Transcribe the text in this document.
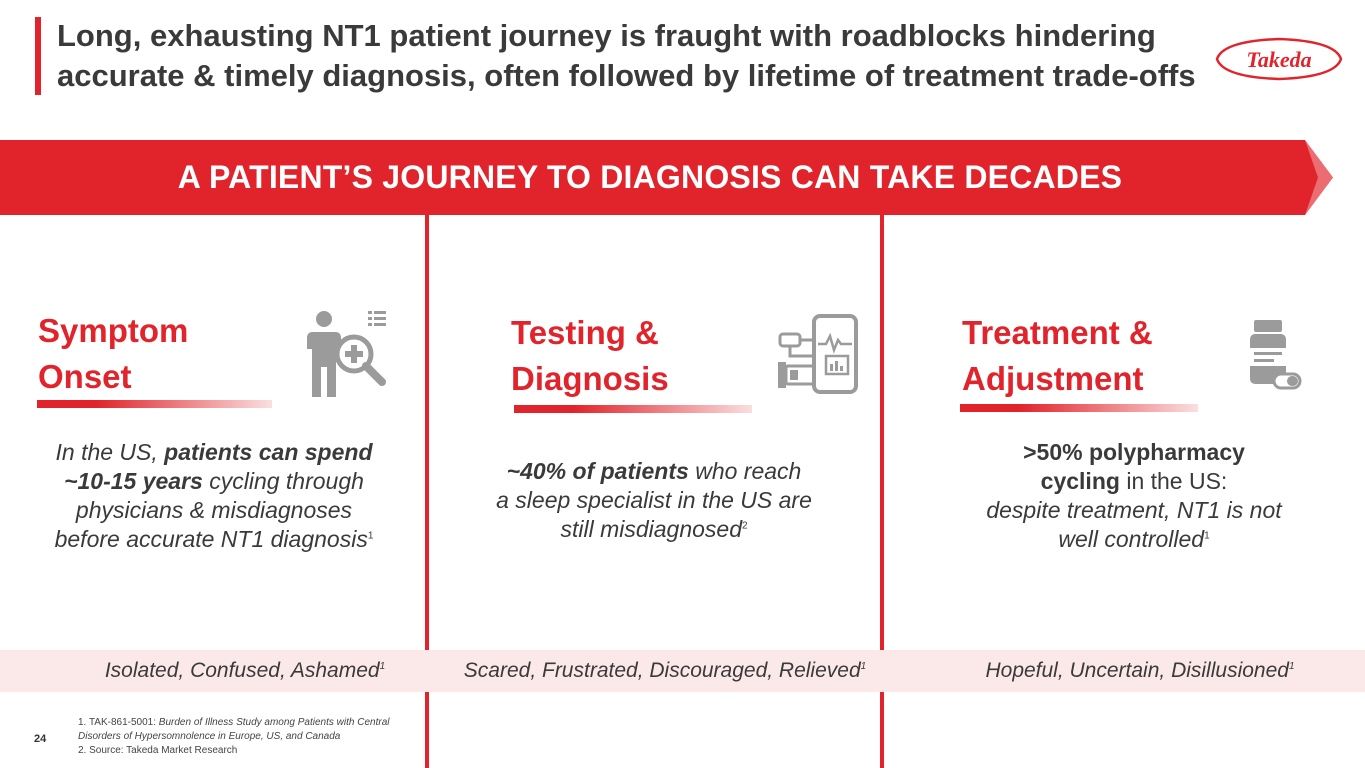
Long, exhausting NT1 patient journey is fraught with roadblocks hindering
accurate & timely diagnosis, often followed by lifetime of treatment trade-offs	Takeda
A PATIENT’S JOURNEY TO DIAGNOSIS CAN TAKE DECADES
Symptom
Onset
In the US, patients can spend
~10-15 years cycling through
physicians & misdiagnoses
before accurate NT1 diagnosis$^1$
Testing &
Diagnosis
~40% of patients who reach
a sleep specialist in the US are
still misdiagnosed$^2$
Treatment &
Adjustment
>50% polypharmacy
cycling in the US:
despite treatment, NT1 is not
well controlled$^1$
Isolated, Confused, Ashamed$^1$	Scared, Frustrated, Discouraged, Relieved$^1$	Hopeful, Uncertain, Disillusioned$^1$
24
1. TAK-861-5001: Burden of Illness Study among Patients with Central
Disorders of Hypersomnolence in Europe, US, and Canada
2. Source: Takeda Market Research
